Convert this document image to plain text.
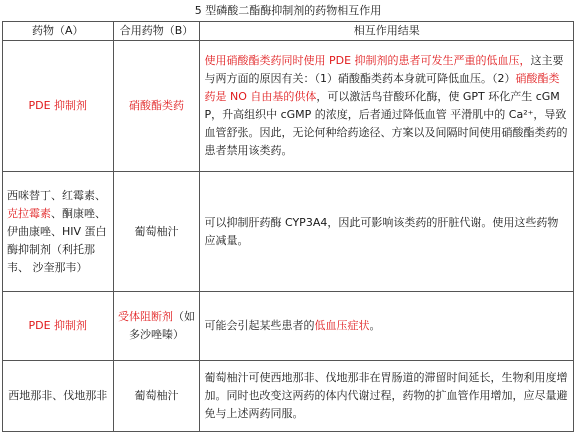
5 型磷酸二酯酶抑制剂的药物相互作用
药物（A）	合用药物（B）	相互作用结果
PDE 抑制剂	硝酸酯类药	使用硝酸酯类药同时使用 PDE 抑制剂的患者可发生严重的低血压，这主要与两方面的原因有关：（1）硝酸酯类药本身就可降低血压。（2）硝酸酯类药是 NO 自由基的供体，可以激活鸟苷酸环化酶，使 GPT 环化产生 cGMP，升高组织中 cGMP 的浓度，后者通过降低血管 平滑肌中的 Ca²⁺，导致血管舒张。因此，无论何种给药途径、方案以及间隔时间使用硝酸酯类药的患者禁用该类药。
西咪替丁、红霉素、克拉霉素、酮康唑、伊曲康唑、HIV 蛋白酶抑制剂（利托那韦、 沙奎那韦）	葡萄柚汁	可以抑制肝药酶 CYP3A4，因此可影响该类药的肝脏代谢。使用这些药物应减量。
PDE 抑制剂	受体阻断剂（如多沙唑嗪）	可能会引起某些患者的低血压症状。
西地那非、伐地那非	葡萄柚汁	葡萄柚汁可使西地那非、伐地那非在胃肠道的滞留时间延长，生物利用度增加。同时也改变这两药的体内代谢过程，药物的扩血管作用增加，应尽量避免与上述两药同服。
